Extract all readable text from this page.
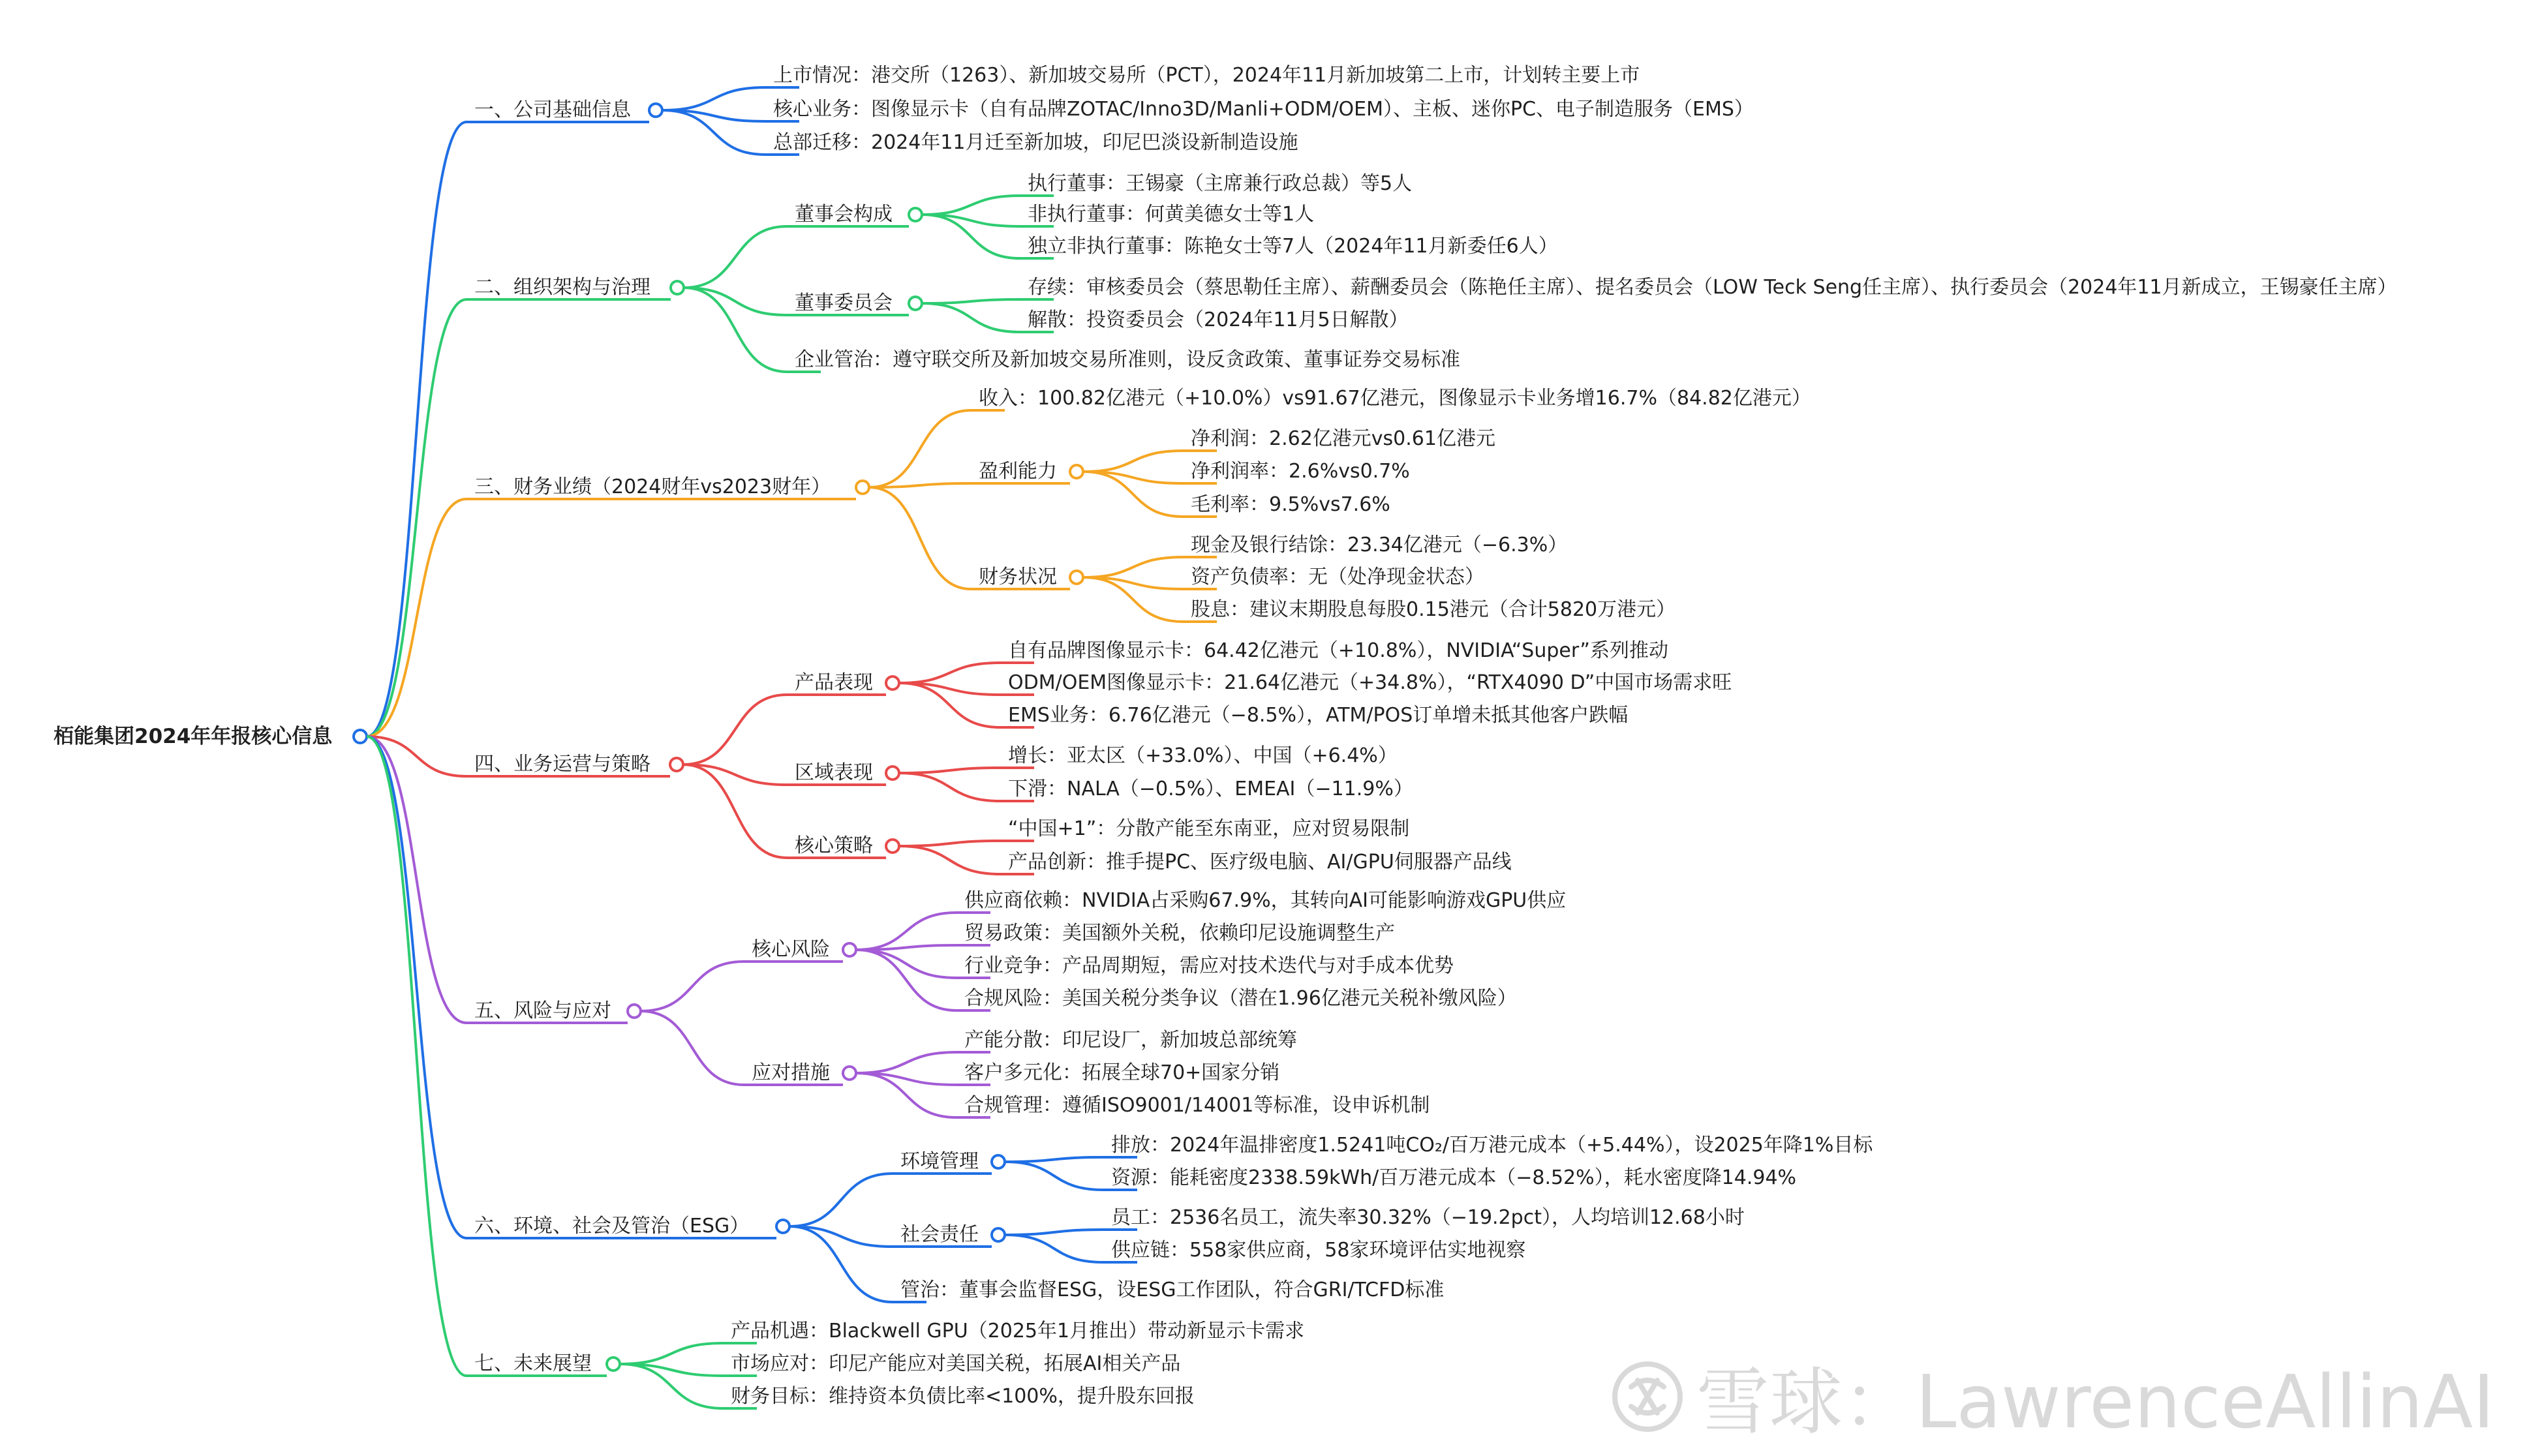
栢能集团2024年年报核心信息
一、公司基础信息
上市情况：港交所（1263）、新加坡交易所（PCT），2024年11月新加坡第二上市，计划转主要上市
核心业务：图像显示卡（自有品牌ZOTAC/Inno3D/Manli+ODM/OEM）、主板、迷你PC、电子制造服务（EMS）
总部迁移：2024年11月迁至新加坡，印尼巴淡设新制造设施
二、组织架构与治理
董事会构成
执行董事：王锡豪（主席兼行政总裁）等5人
非执行董事：何黄美德女士等1人
独立非执行董事：陈艳女士等7人（2024年11月新委任6人）
董事委员会
存续：审核委员会（蔡思勒任主席）、薪酬委员会（陈艳任主席）、提名委员会（LOW Teck Seng任主席）、执行委员会（2024年11月新成立，王锡豪任主席）
解散：投资委员会（2024年11月5日解散）
企业管治：遵守联交所及新加坡交易所准则，设反贪政策、董事证券交易标准
三、财务业绩（2024财年vs2023财年）
收入：100.82亿港元（+10.0%）vs91.67亿港元，图像显示卡业务增16.7%（84.82亿港元）
盈利能力
净利润：2.62亿港元vs0.61亿港元
净利润率：2.6%vs0.7%
毛利率：9.5%vs7.6%
财务状况
现金及银行结馀：23.34亿港元（−6.3%）
资产负债率：无（处净现金状态）
股息：建议末期股息每股0.15港元（合计5820万港元）
四、业务运营与策略
产品表现
自有品牌图像显示卡：64.42亿港元（+10.8%），NVIDIA“Super”系列推动
ODM/OEM图像显示卡：21.64亿港元（+34.8%），“RTX4090 D”中国市场需求旺
EMS业务：6.76亿港元（−8.5%），ATM/POS订单增未抵其他客户跌幅
区域表现
增长：亚太区（+33.0%）、中国（+6.4%）
下滑：NALA（−0.5%）、EMEAI（−11.9%）
核心策略
“中国+1”：分散产能至东南亚，应对贸易限制
产品创新：推手提PC、医疗级电脑、AI/GPU伺服器产品线
五、风险与应对
核心风险
供应商依赖：NVIDIA占采购67.9%，其转向AI可能影响游戏GPU供应
贸易政策：美国额外关税，依赖印尼设施调整生产
行业竞争：产品周期短，需应对技术迭代与对手成本优势
合规风险：美国关税分类争议（潜在1.96亿港元关税补缴风险）
应对措施
产能分散：印尼设厂，新加坡总部统筹
客户多元化：拓展全球70+国家分销
合规管理：遵循ISO9001/14001等标准，设申诉机制
六、环境、社会及管治（ESG）
环境管理
排放：2024年温排密度1.5241吨CO₂/百万港元成本（+5.44%），设2025年降1%目标
资源：能耗密度2338.59kWh/百万港元成本（−8.52%），耗水密度降14.94%
社会责任
员工：2536名员工，流失率30.32%（−19.2pct），人均培训12.68小时
供应链：558家供应商，58家环境评估实地视察
管治：董事会监督ESG，设ESG工作团队，符合GRI/TCFD标准
七、未来展望
产品机遇：Blackwell GPU（2025年1月推出）带动新显示卡需求
市场应对：印尼产能应对美国关税，拓展AI相关产品
财务目标：维持资本负债比率<100%，提升股东回报	雪球：LawrenceAllinAI
